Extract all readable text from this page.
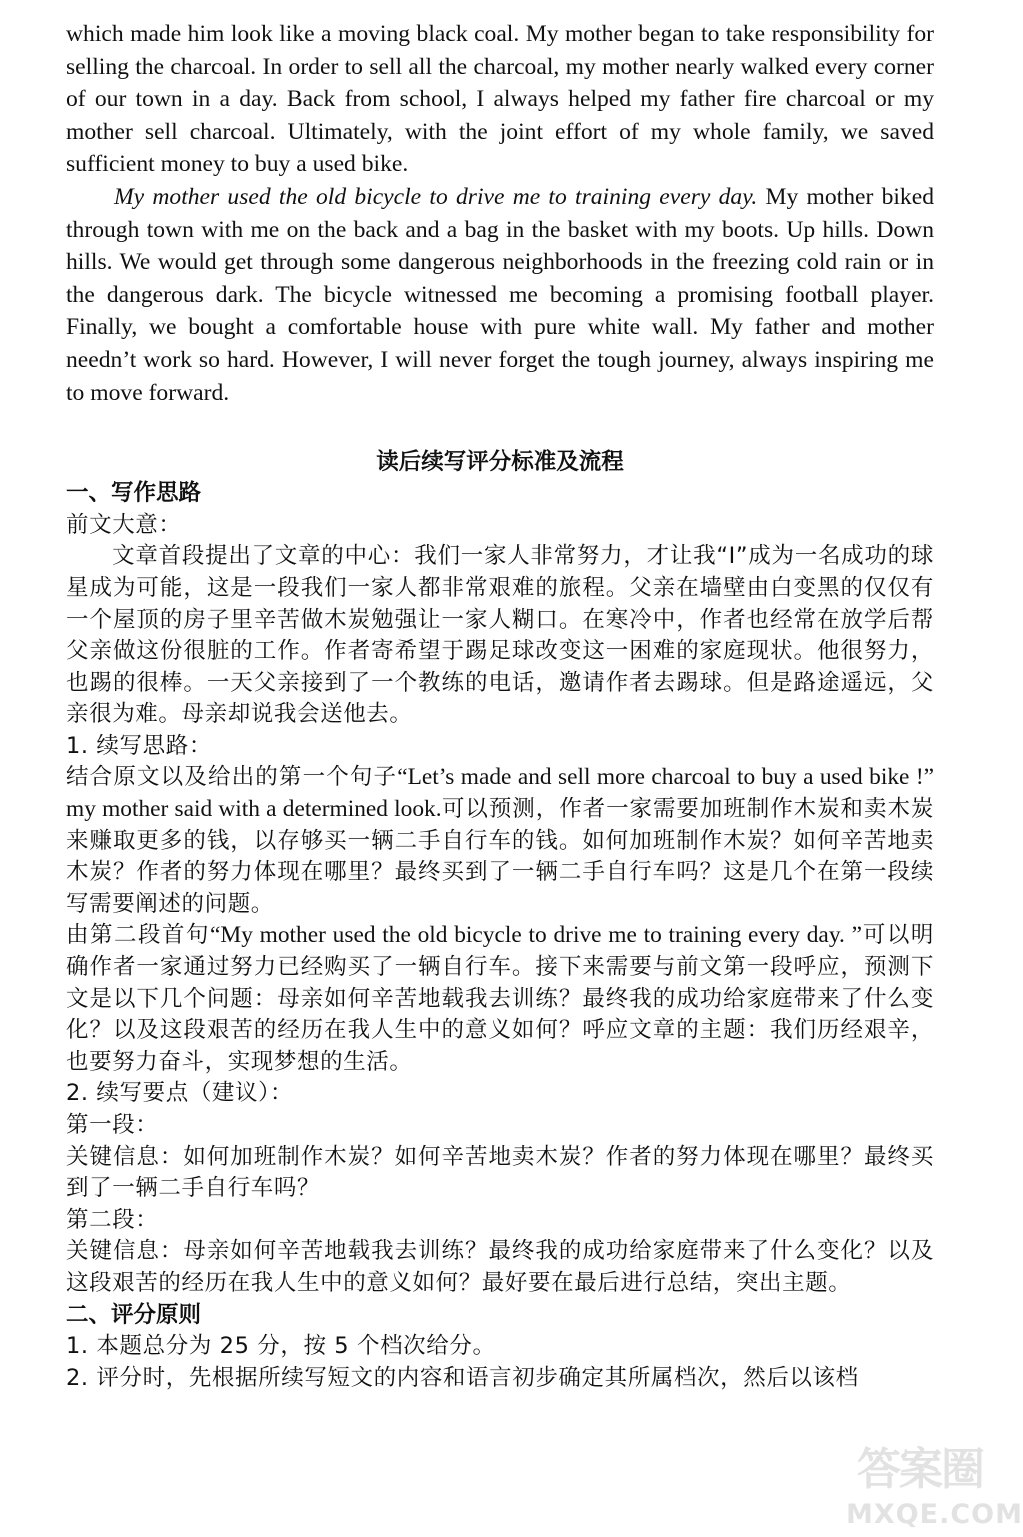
which made him look like a moving black coal. My mother began to take responsibility for selling the charcoal. In order to sell all the charcoal, my mother nearly walked every corner of our town in a day. Back from school, I always helped my father fire charcoal or my mother sell charcoal. Ultimately, with the joint effort of my whole family, we saved sufficient money to buy a used bike.

My mother used the old bicycle to drive me to training every day. My mother biked through town with me on the back and a bag in the basket with my boots. Up hills. Down hills. We would get through some dangerous neighborhoods in the freezing cold rain or in the dangerous dark. The bicycle witnessed me becoming a promising football player. Finally, we bought a comfortable house with pure white wall. My father and mother needn’t work so hard. However, I will never forget the tough journey, always inspiring me to move forward.

读后续写评分标准及流程
一、写作思路

前文大意：

文章首段提出了文章的中心：我们一家人非常努力，才让我“I”成为一名成功的球星成为可能，这是一段我们一家人都非常艰难的旅程。父亲在墙壁由白变黑的仅仅有一个屋顶的房子里辛苦做木炭勉强让一家人糊口。在寒冷中，作者也经常在放学后帮父亲做这份很脏的工作。作者寄希望于踢足球改变这一困难的家庭现状。他很努力，也踢的很棒。一天父亲接到了一个教练的电话，邀请作者去踢球。但是路途遥远，父亲很为难。母亲却说我会送他去。

1. 续写思路：

结合原文以及给出的第一个句子“Let’s made and sell more charcoal to buy a used bike !” my mother said with a determined look.可以预测，作者一家需要加班制作木炭和卖木炭来赚取更多的钱，以存够买一辆二手自行车的钱。如何加班制作木炭？如何辛苦地卖木炭？作者的努力体现在哪里？最终买到了一辆二手自行车吗？这是几个在第一段续写需要阐述的问题。

由第二段首句“My mother used the old bicycle to drive me to training every day. ”可以明确作者一家通过努力已经购买了一辆自行车。接下来需要与前文第一段呼应，预测下文是以下几个问题：母亲如何辛苦地载我去训练？最终我的成功给家庭带来了什么变化？以及这段艰苦的经历在我人生中的意义如何？呼应文章的主题：我们历经艰辛，也要努力奋斗，实现梦想的生活。

2. 续写要点（建议）：

第一段：

关键信息：如何加班制作木炭？如何辛苦地卖木炭？作者的努力体现在哪里？最终买到了一辆二手自行车吗？

第二段：

关键信息：母亲如何辛苦地载我去训练？最终我的成功给家庭带来了什么变化？以及这段艰苦的经历在我人生中的意义如何？最好要在最后进行总结，突出主题。

二、评分原则

1. 本题总分为 25 分，按 5 个档次给分。

2. 评分时，先根据所续写短文的内容和语言初步确定其所属档次，然后以该档

答案圈
MXQE.COM
